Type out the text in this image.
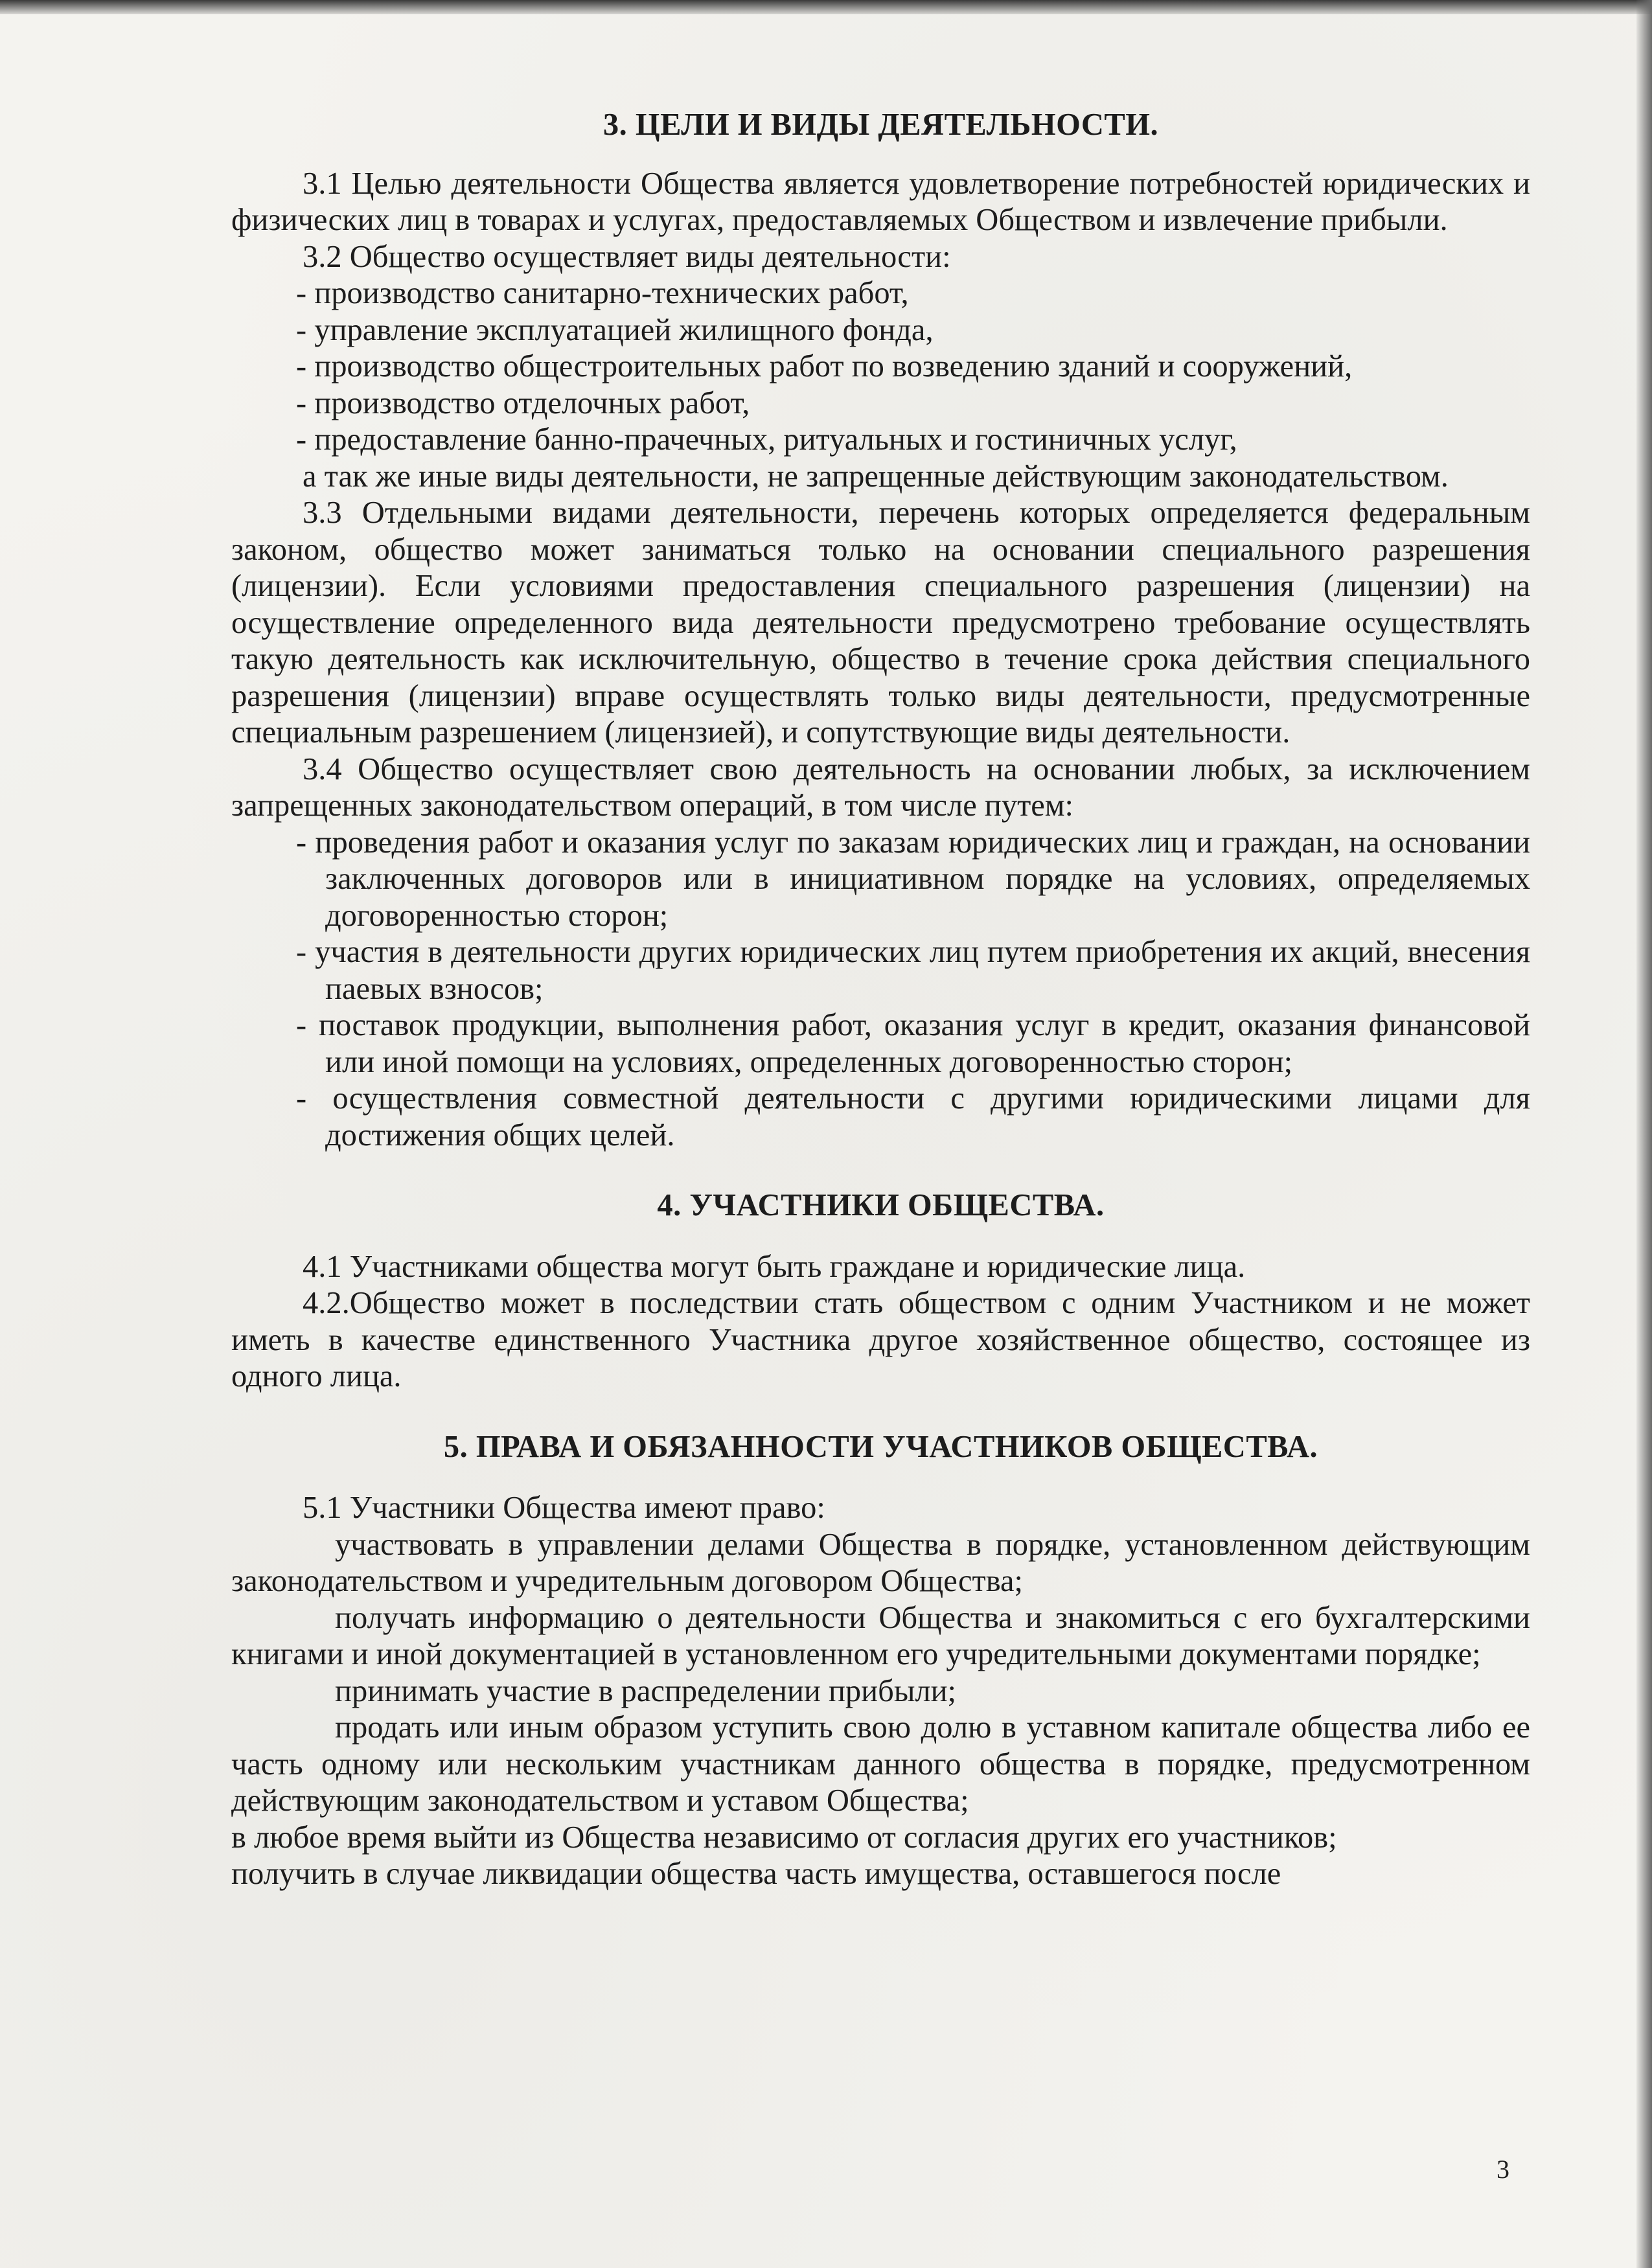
3. ЦЕЛИ И ВИДЫ ДЕЯТЕЛЬНОСТИ.

3.1 Целью деятельности Общества является удовлетворение потребностей юридических и физических лиц в товарах и услугах, предоставляемых Обществом и извлечение прибыли.

3.2 Общество осуществляет виды деятельности:

- производство санитарно-технических работ,

- управление эксплуатацией жилищного фонда,

- производство общестроительных работ по возведению зданий и сооружений,

- производство отделочных работ,

- предоставление банно-прачечных, ритуальных и гостиничных услуг,

а так же иные виды деятельности, не запрещенные действующим законодательством.

3.3 Отдельными видами деятельности, перечень которых определяется федеральным законом, общество может заниматься только на основании специального разрешения (лицензии). Если условиями предоставления специального разрешения (лицензии) на осуществление определенного вида деятельности предусмотрено требование осуществлять такую деятельность как исключительную, общество в течение срока действия специального разрешения (лицензии) вправе осуществлять только виды деятельности, предусмотренные специальным разрешением (лицензией), и сопутствующие виды деятельности.

3.4 Общество осуществляет свою деятельность на основании любых, за исключением запрещенных законодательством операций, в том числе путем:

- проведения работ и оказания услуг по заказам юридических лиц и граждан, на основании заключенных договоров или в инициативном порядке на условиях, определяемых договоренностью сторон;

- участия в деятельности других юридических лиц путем приобретения их акций, внесения паевых взносов;

- поставок продукции, выполнения работ, оказания услуг в кредит, оказания финансовой или иной помощи на условиях, определенных договоренностью сторон;

- осуществления совместной деятельности с другими юридическими лицами для достижения общих целей.

4. УЧАСТНИКИ ОБЩЕСТВА.

4.1 Участниками общества могут быть граждане и юридические лица.

4.2.Общество может в последствии стать обществом с одним Участником и не может иметь в качестве единственного Участника другое хозяйственное общество, состоящее из одного лица.

5. ПРАВА И ОБЯЗАННОСТИ УЧАСТНИКОВ ОБЩЕСТВА.

5.1 Участники Общества имеют право:

участвовать в управлении делами Общества в порядке, установленном действующим законодательством и учредительным договором Общества;

получать информацию о деятельности Общества и знакомиться с его бухгалтерскими книгами и иной документацией в установленном его учредительными документами порядке;

принимать участие в распределении прибыли;

продать или иным образом уступить свою долю в уставном капитале общества либо ее часть одному или нескольким участникам данного общества в порядке, предусмотренном действующим законодательством и уставом Общества;

в любое время выйти из Общества независимо от согласия других его участников;

получить в случае ликвидации общества часть имущества, оставшегося после

3
